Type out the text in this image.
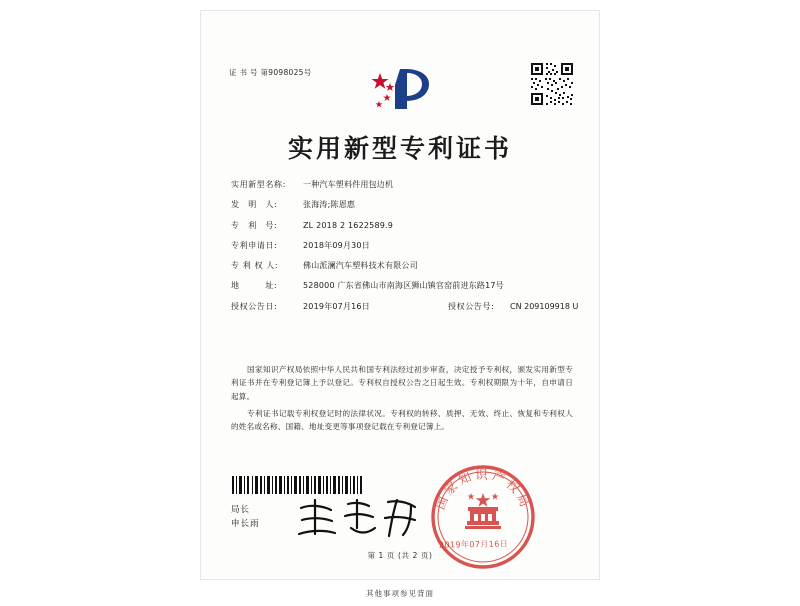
证 书 号 第9098025号
实用新型专利证书
实用新型名称:	一种汽车塑料件用包边机
发　明　人:	张海涛;陈恩惠
专　利　号:	ZL 2018 2 1622589.9
专利申请日:	2018年09月30日
专 利 权 人:	佛山派澜汽车塑料技术有限公司
地　　　址:	528000 广东省佛山市南海区狮山镇官窑前进东路17号
授权公告日:	2019年07月16日	授权公告号:	CN 209109918 U

国家知识产权局依照中华人民共和国专利法经过初步审查，决定授予专利权，颁发实用新型专利证书并在专利登记簿上予以登记。专利权自授权公告之日起生效。专利权期限为十年，自申请日起算。

专利证书记载专利权登记时的法律状况。专利权的转移、质押、无效、终止、恢复和专利权人的姓名或名称、国籍、地址变更等事项登记载在专利登记簿上。

局长
申长雨
国家知识产权局
2019年07月16日
第 1 页 (共 2 页)
其他事项参见背面
